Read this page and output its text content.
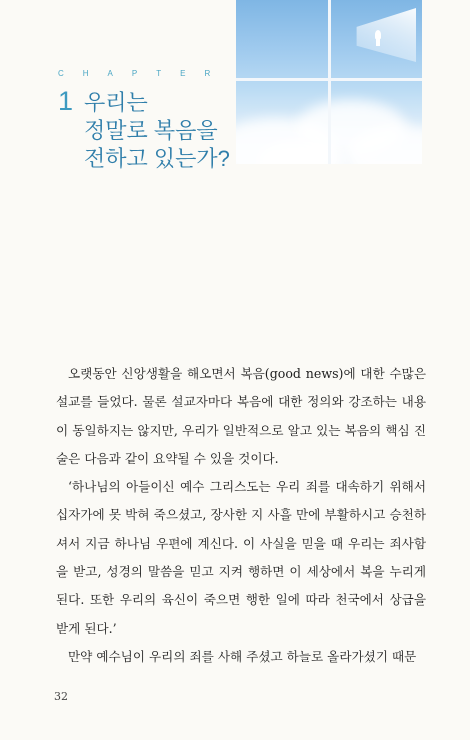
CHAPTER
1 우리는
정말로 복음을
전하고 있는가?

오랫동안 신앙생활을 해오면서 복음(good news)에 대한 수많은 설교를 들었다. 물론 설교자마다 복음에 대한 정의와 강조하는 내용이 동일하지는 않지만, 우리가 일반적으로 알고 있는 복음의 핵심 진술은 다음과 같이 요약될 수 있을 것이다.

‘하나님의 아들이신 예수 그리스도는 우리 죄를 대속하기 위해서 십자가에 못 박혀 죽으셨고, 장사한 지 사흘 만에 부활하시고 승천하셔서 지금 하나님 우편에 계신다. 이 사실을 믿을 때 우리는 죄사함을 받고, 성경의 말씀을 믿고 지켜 행하면 이 세상에서 복을 누리게 된다. 또한 우리의 육신이 죽으면 행한 일에 따라 천국에서 상급을 받게 된다.’

만약 예수님이 우리의 죄를 사해 주셨고 하늘로 올라가셨기 때문

32
